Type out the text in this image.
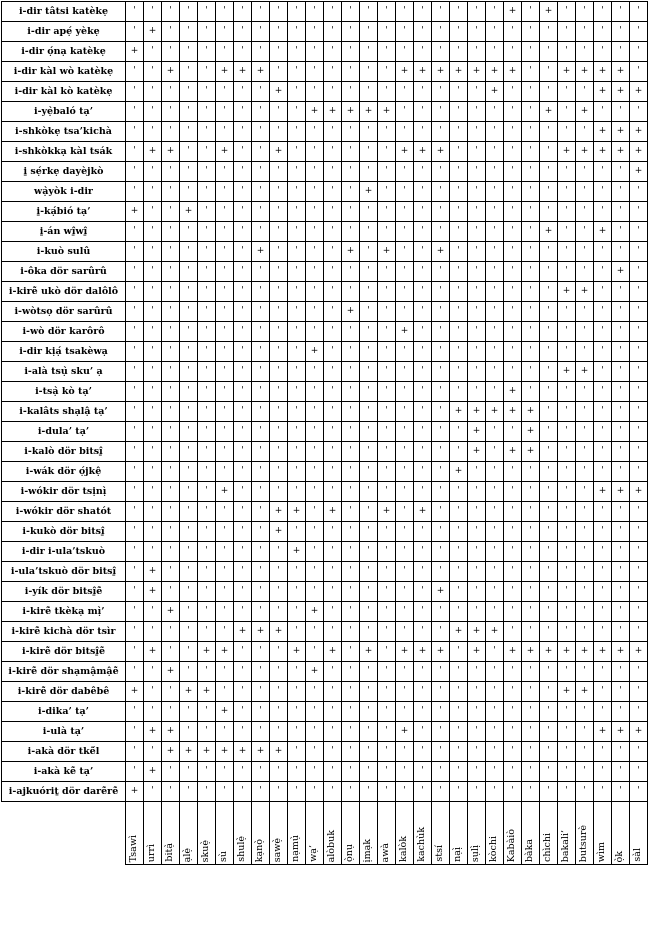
i-dir tâtsi katèkẹ	'	'	'	'	'	'	'	'	'	'	'	'	'	'	'	'	'	'	'	'	'	+	'	+	'	'	'	'	'
i-dir apẹ́ yèkẹ	'	+	'	'	'	'	'	'	'	'	'	'	'	'	'	'	'	'	'	'	'	'	'	'	'	'	'	'	'
i-dir ọ́nạ katèkẹ	+	'	'	'	'	'	'	'	'	'	'	'	'	'	'	'	'	'	'	'	'	'	'	'	'	'	'	'	'
i-dir kàl wò katèkẹ	'	'	+	'	'	+	+	+	'	'	'	'	'	'	'	+	+	+	+	+	+	+	'	'	+	+	+	+	'
i-dir kàl kò katèkẹ	'	'	'	'	'	'	'	'	+	'	'	'	'	'	'	'	'	'	'	'	+	'	'	'	'	'	+	+	+
i-yẹ̀baló tạ’	'	'	'	'	'	'	'	'	'	'	+	+	+	+	+	'	'	'	'	'	'	'	'	+	'	+	'	'	'
i-shkòkẹ tsa’kichà	'	'	'	'	'	'	'	'	'	'	'	'	'	'	'	'	'	'	'	'	'	'	'	'	'	'	+	+	+
i-shkòkkạ kàl tsák	'	+	+	'	'	+	'	'	+	'	'	'	'	'	'	+	+	+	'	'	'	'	'	'	+	+	+	+	+
i̱ sẹ́rkẹ dayèjkò	'	'	'	'	'	'	'	'	'	'	'	'	'	'	'	'	'	'	'	'	'	'	'	'	'	'	'	'	+
wạ̀yòk i-dir	'	'	'	'	'	'	'	'	'	'	'	'	'	+	'	'	'	'	'	'	'	'	'	'	'	'	'	'	'
i̱-kạ́bió tạ’	+	'	'	+	'	'	'	'	'	'	'	'	'	'	'	'	'	'	'	'	'	'	'	'	'	'	'	'	'
i̱-án wî̱wî̱	'	'	'	'	'	'	'	'	'	'	'	'	'	'	'	'	'	'	'	'	'	'	'	+	'	'	+	'	'
i-kuò sulû	'	'	'	'	'	'	'	+	'	'	'	'	+	'	+	'	'	+	'	'	'	'	'	'	'	'	'	'	'
i-ôka dör sarûrû	'	'	'	'	'	'	'	'	'	'	'	'	'	'	'	'	'	'	'	'	'	'	'	'	'	'	'	+	'
i-kirẽ̀ ukò dör dalôlô	'	'	'	'	'	'	'	'	'	'	'	'	'	'	'	'	'	'	'	'	'	'	'	'	+	+	'	'	'
i-wòtsọ dör sarûrû	'	'	'	'	'	'	'	'	'	'	'	'	+	'	'	'	'	'	'	'	'	'	'	'	'	'	'	'	'
i-wò dör karôrô	'	'	'	'	'	'	'	'	'	'	'	'	'	'	'	+	'	'	'	'	'	'	'	'	'	'	'	'	'
i-dir kịạ́ tsakèwạ	'	'	'	'	'	'	'	'	'	'	+	'	'	'	'	'	'	'	'	'	'	'	'	'	'	'	'	'	'
i-alà tsụ̀ sku’ ạ	'	'	'	'	'	'	'	'	'	'	'	'	'	'	'	'	'	'	'	'	'	'	'	'	+	+	'	'	'
i-tsạ̀ kò tạ’	'	'	'	'	'	'	'	'	'	'	'	'	'	'	'	'	'	'	'	'	'	+	'	'	'	'	'	'	'
i-kalâts shạlậ tạ’	'	'	'	'	'	'	'	'	'	'	'	'	'	'	'	'	'	'	+	+	+	+	+	'	'	'	'	'	'
i-dula’ tạ’	'	'	'	'	'	'	'	'	'	'	'	'	'	'	'	'	'	'	'	+	'	'	+	'	'	'	'	'	'
i-kalò dör bitsî̱	'	'	'	'	'	'	'	'	'	'	'	'	'	'	'	'	'	'	'	+	'	+	+	'	'	'	'	'	'
i-wák dör ọ́jkệ	'	'	'	'	'	'	'	'	'	'	'	'	'	'	'	'	'	'	+	'	'	'	'	'	'	'	'	'	'
i-wókir dör tsịnị̀	'	'	'	'	'	+	'	'	'	'	'	'	'	'	'	'	'	'	'	'	'	'	'	'	'	'	+	+	+
i-wókir dör shatót	'	'	'	'	'	'	'	'	+	+	'	+	'	'	+	'	+	'	'	'	'	'	'	'	'	'	'	'	'
i-kukò dör bitsî̱	'	'	'	'	'	'	'	'	+	'	'	'	'	'	'	'	'	'	'	'	'	'	'	'	'	'	'	'	'
i-dir i-ula’tskuò	'	'	'	'	'	'	'	'	'	+	'	'	'	'	'	'	'	'	'	'	'	'	'	'	'	'	'	'	'
i-ula’tskuò dör bitsî̱	'	+	'	'	'	'	'	'	'	'	'	'	'	'	'	'	'	'	'	'	'	'	'	'	'	'	'	'	'
i-yík dör bitsî̱ẽ̀	'	+	'	'	'	'	'	'	'	'	'	'	'	'	'	'	'	+	'	'	'	'	'	'	'	'	'	'	'
i-kirẽ̀ tkèkạ mị̀’	'	'	+	'	'	'	'	'	'	'	+	'	'	'	'	'	'	'	'	'	'	'	'	'	'	'	'	'	'
i-kirẽ̀ kichà dör tsìr	'	'	'	'	'	'	+	+	+	'	'	'	'	'	'	'	'	'	+	+	+	'	'	'	'	'	'	'	'
i-kirẽ̀ dör bitsî̱ẽ̀	'	+	'	'	+	+	'	'	'	+	'	+	'	+	'	+	+	+	'	+	'	+	+	+	+	+	+	+	+
i-kirẽ̀ dör shạmậmậẽ̀	'	'	+	'	'	'	'	'	'	'	+	'	'	'	'	'	'	'	'	'	'	'	'	'	'	'	'	'	'
i-kirẽ̀ dör dabêbê	+	'	'	+	+	'	'	'	'	'	'	'	'	'	'	'	'	'	'	'	'	'	'	'	+	+	'	'	'
i-dika’ tạ’	'	'	'	'	'	+	'	'	'	'	'	'	'	'	'	'	'	'	'	'	'	'	'	'	'	'	'	'	'
i-ulà tạ’	'	+	+	'	'	'	'	'	'	'	'	'	'	'	'	+	'	'	'	'	'	'	'	'	'	'	+	+	+
i-akà dör tkẽ́l	'	'	+	+	+	+	+	+	+	'	'	'	'	'	'	'	'	'	'	'	'	'	'	'	'	'	'	'	'
i-akà kẽ̀ tạ’	'	+	'	'	'	'	'	'	'	'	'	'	'	'	'	'	'	'	'	'	'	'	'	'	'	'	'	'	'
i-ajkuóriṯ dör darẽ̀rẽ̀	+	'	'	'	'	'	'	'	'	'	'	'	'	'	'	'	'	'	'	'	'	'	'	'	'	'	'	'	'

	Tsawì	urrì	bitạ̀	ạlẹ̀	skuẹ̀	sù	shulẹ̀	kạnọ̀	sawẹ̀	nạmụ̀	wạ’	alòbuk	ọ̀nụ	ịmạk	awà	kalòk	kachùk	stsí	nạị̀	sụlị̀	kòchi	Kabàiò	bàka	chìchi	bakali’	butsurè	wìm	ọ̀k	sàl
